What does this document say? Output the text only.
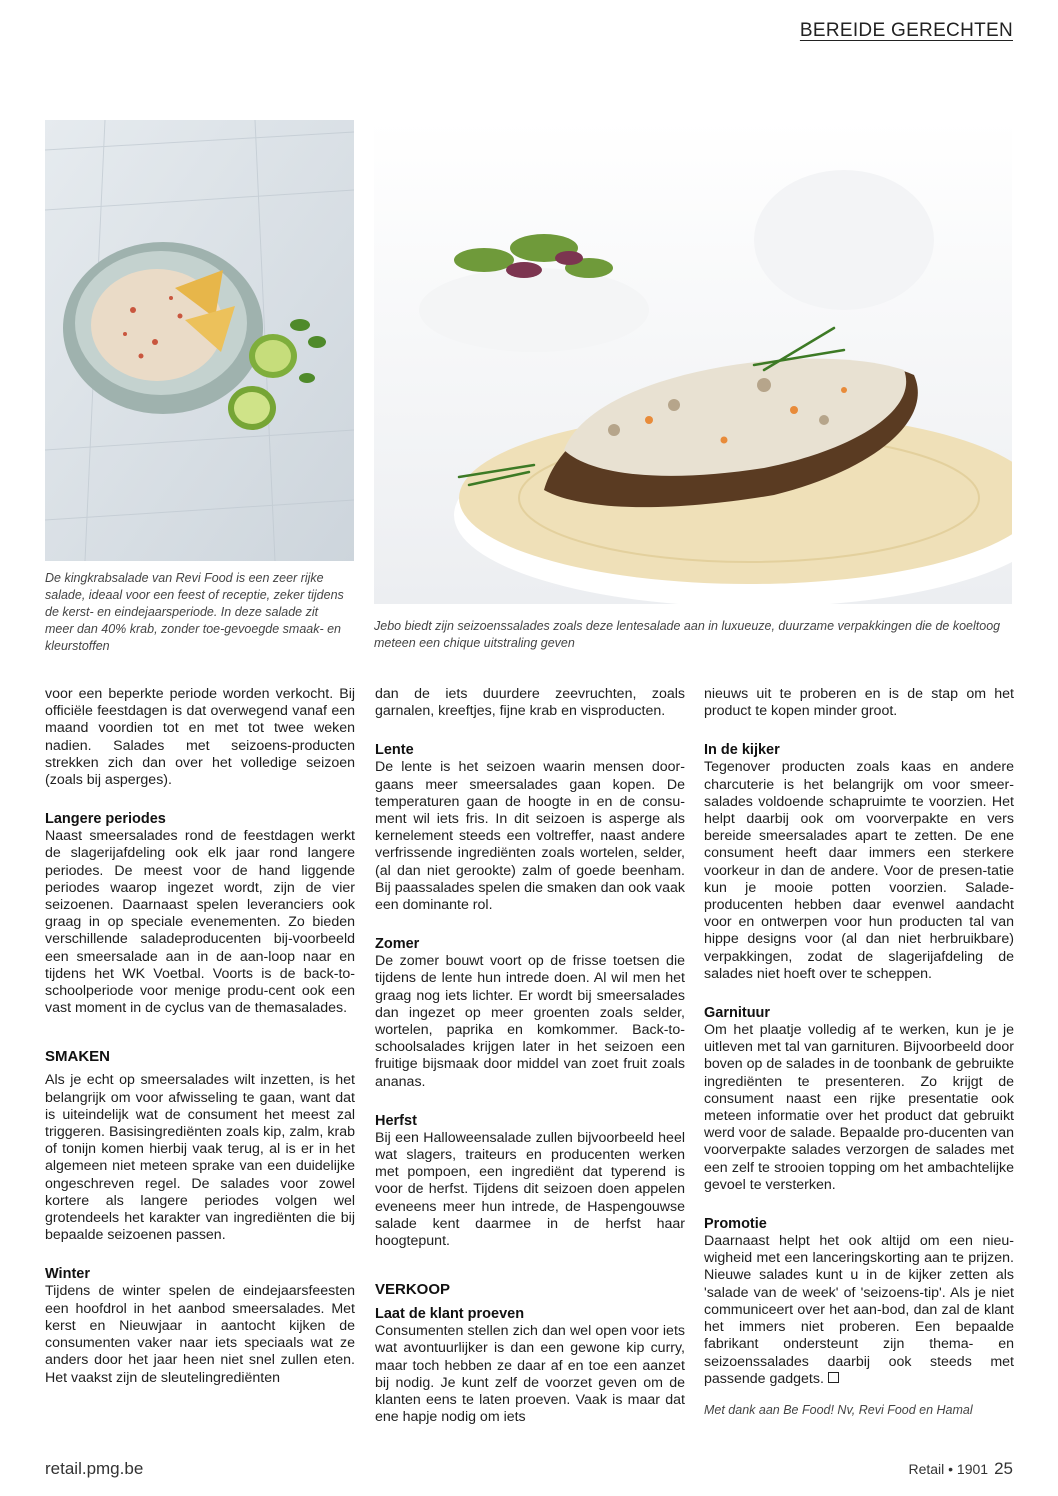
BEREIDE GERECHTEN

De kingkrabsalade van Revi Food is een zeer rijke salade, ideaal voor een feest of receptie, zeker tijdens de kerst- en eindejaarsperiode. In deze salade zit meer dan 40% krab, zonder toe-gevoegde smaak- en kleurstoffen

Jebo biedt zijn seizoenssalades zoals deze lentesalade aan in luxueuze, duurzame verpakkingen die de koeltoog meteen een chique uitstraling geven

voor een beperkte periode worden verkocht. Bij officiële feestdagen is dat overwegend vanaf een maand voordien tot en met tot twee weken nadien. Salades met seizoens-producten strekken zich dan over het volledige seizoen (zoals bij asperges).

Langere periodes

Naast smeersalades rond de feestdagen werkt de slagerijafdeling ook elk jaar rond langere periodes. De meest voor de hand liggende periodes waarop ingezet wordt, zijn de vier seizoenen. Daarnaast spelen leveranciers ook graag in op speciale evenementen. Zo bieden verschillende saladeproducenten bij-voorbeeld een smeersalade aan in de aan-loop naar en tijdens het WK Voetbal. Voorts is de back-to-schoolperiode voor menige produ-cent ook een vast moment in de cyclus van de themasalades.

SMAKEN

Als je echt op smeersalades wilt inzetten, is het belangrijk om voor afwisseling te gaan, want dat is uiteindelijk wat de consument het meest zal triggeren. Basisingrediënten zoals kip, zalm, krab of tonijn komen hierbij vaak terug, al is er in het algemeen niet meteen sprake van een duidelijke ongeschreven regel. De salades voor zowel kortere als langere periodes volgen wel grotendeels het karakter van ingrediënten die bij bepaalde seizoenen passen.

Winter

Tijdens de winter spelen de eindejaarsfeesten een hoofdrol in het aanbod smeersalades. Met kerst en Nieuwjaar in aantocht kijken de consumenten vaker naar iets speciaals wat ze anders door het jaar heen niet snel zullen eten. Het vaakst zijn de sleutelingrediënten

dan de iets duurdere zeevruchten, zoals garnalen, kreeftjes, fijne krab en visproducten.

Lente

De lente is het seizoen waarin mensen door-gaans meer smeersalades gaan kopen. De temperaturen gaan de hoogte in en de consu-ment wil iets fris. In dit seizoen is asperge als kernelement steeds een voltreffer, naast andere verfrissende ingrediënten zoals wortelen, selder, (al dan niet gerookte) zalm of goede beenham. Bij paassalades spelen die smaken dan ook vaak een dominante rol.

Zomer

De zomer bouwt voort op de frisse toetsen die tijdens de lente hun intrede doen. Al wil men het graag nog iets lichter. Er wordt bij smeersalades dan ingezet op meer groenten zoals selder, wortelen, paprika en komkommer. Back-to-schoolsalades krijgen later in het seizoen een fruitige bijsmaak door middel van zoet fruit zoals ananas.

Herfst

Bij een Halloweensalade zullen bijvoorbeeld heel wat slagers, traiteurs en producenten werken met pompoen, een ingrediënt dat typerend is voor de herfst. Tijdens dit seizoen doen appelen eveneens meer hun intrede, de Haspengouwse salade kent daarmee in de herfst haar hoogtepunt.

VERKOOP
Laat de klant proeven

Consumenten stellen zich dan wel open voor iets wat avontuurlijker is dan een gewone kip curry, maar toch hebben ze daar af en toe een aanzet bij nodig. Je kunt zelf de voorzet geven om de klanten eens te laten proeven. Vaak is maar dat ene hapje nodig om iets

nieuws uit te proberen en is de stap om het product te kopen minder groot.

In de kijker

Tegenover producten zoals kaas en andere charcuterie is het belangrijk om voor smeer-salades voldoende schapruimte te voorzien. Het helpt daarbij ook om voorverpakte en vers bereide smeersalades apart te zetten. De ene consument heeft daar immers een sterkere voorkeur in dan de andere. Voor de presen-tatie kun je mooie potten voorzien. Salade-producenten hebben daar evenwel aandacht voor en ontwerpen voor hun producten tal van hippe designs voor (al dan niet herbruikbare) verpakkingen, zodat de slagerijafdeling de salades niet hoeft over te scheppen.

Garnituur

Om het plaatje volledig af te werken, kun je je uitleven met tal van garnituren. Bijvoorbeeld door boven op de salades in de toonbank de gebruikte ingrediënten te presenteren. Zo krijgt de consument naast een rijke presentatie ook meteen informatie over het product dat gebruikt werd voor de salade. Bepaalde pro-ducenten van voorverpakte salades verzorgen de salades met een zelf te strooien topping om het ambachtelijke gevoel te versterken.

Promotie

Daarnaast helpt het ook altijd om een nieu-wigheid met een lanceringskorting aan te prijzen. Nieuwe salades kunt u in de kijker zetten als 'salade van de week' of 'seizoens-tip'. Als je niet communiceert over het aan-bod, dan zal de klant het immers niet proberen. Een bepaalde fabrikant ondersteunt zijn thema- en seizoenssalades daarbij ook steeds met passende gadgets.

Met dank aan Be Food! Nv, Revi Food en Hamal
retail.pmg.be	Retail • 1901 25
